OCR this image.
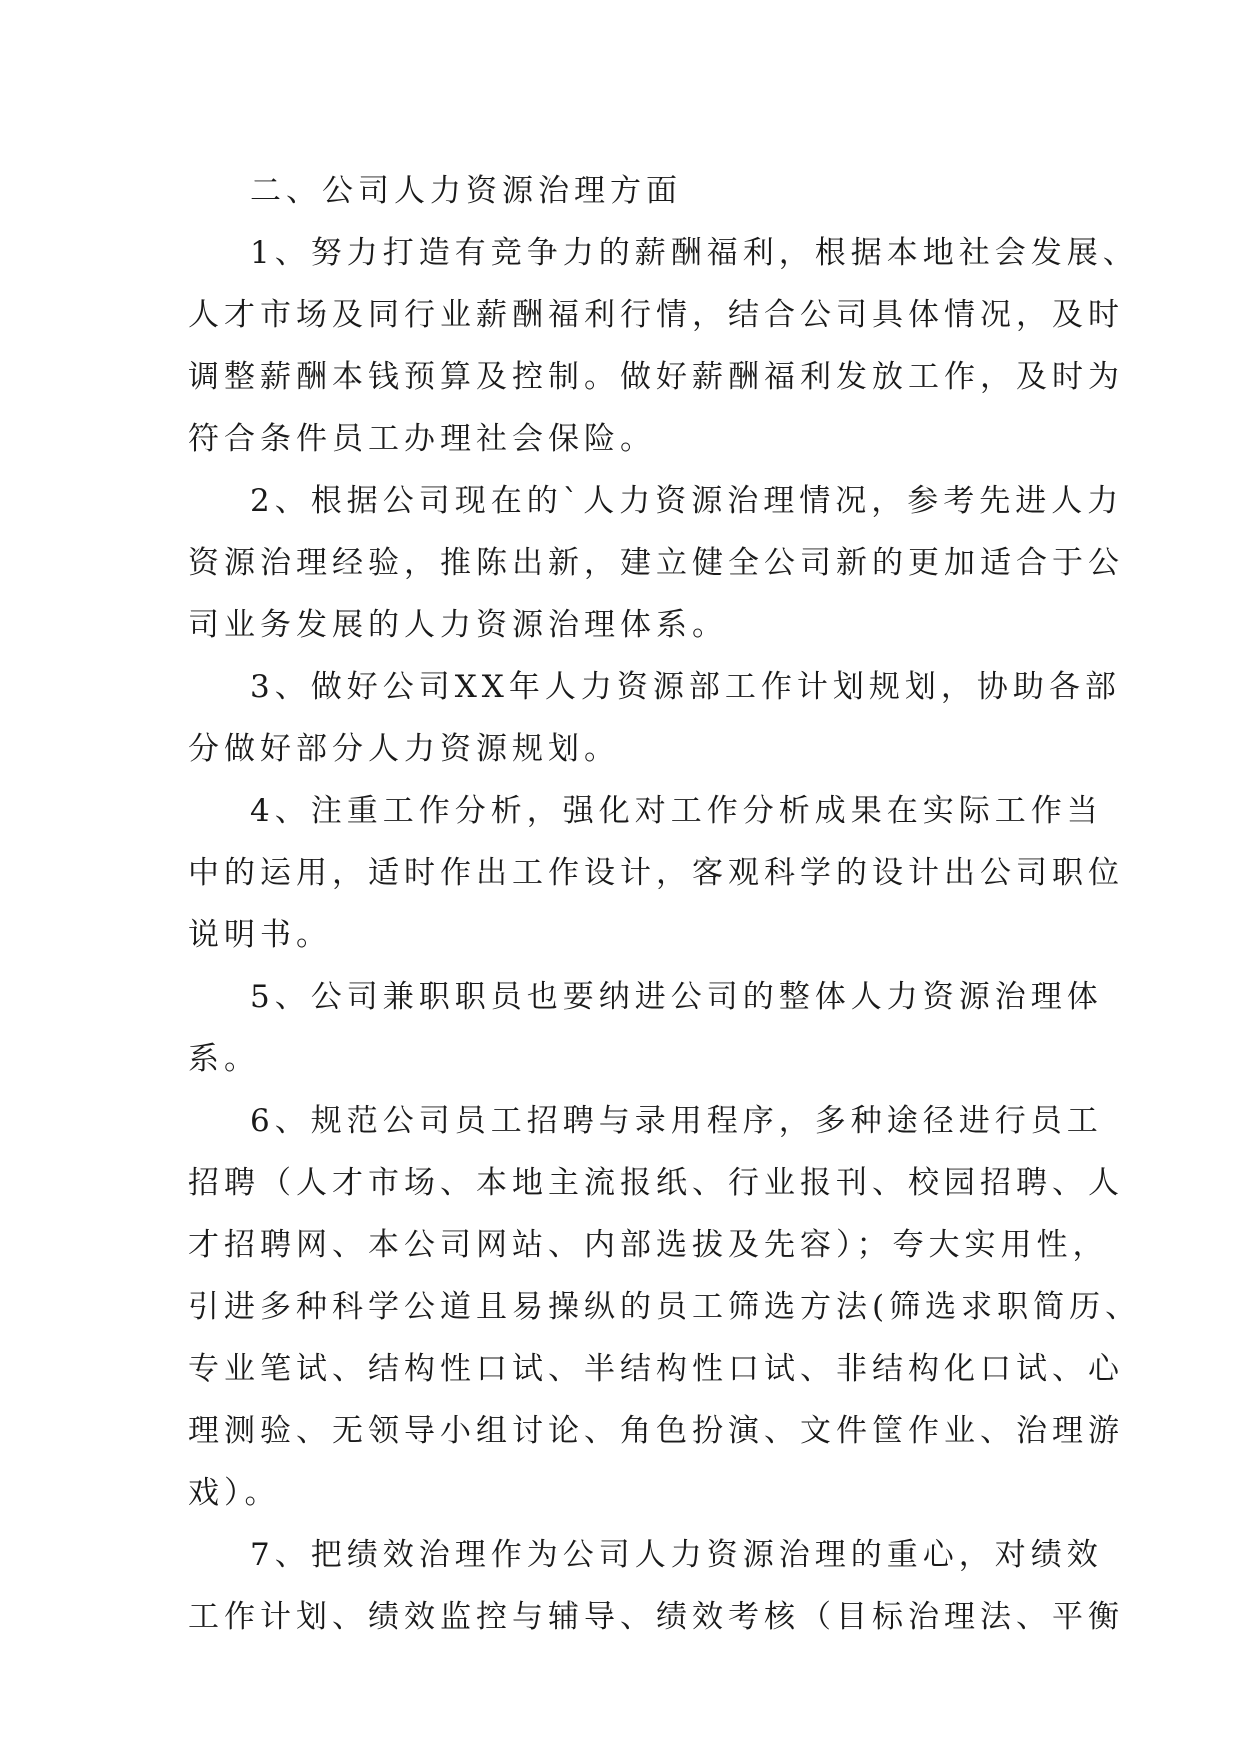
二、公司人力资源治理方面
1、努力打造有竞争力的薪酬福利，根据本地社会发展、
人才市场及同行业薪酬福利行情，结合公司具体情况，及时
调整薪酬本钱预算及控制。做好薪酬福利发放工作，及时为
符合条件员工办理社会保险。
2、根据公司现在的`人力资源治理情况，参考先进人力
资源治理经验，推陈出新，建立健全公司新的更加适合于公
司业务发展的人力资源治理体系。
3、做好公司XX年人力资源部工作计划规划，协助各部
分做好部分人力资源规划。
4、注重工作分析，强化对工作分析成果在实际工作当
中的运用，适时作出工作设计，客观科学的设计出公司职位
说明书。
5、公司兼职职员也要纳进公司的整体人力资源治理体
系。
6、规范公司员工招聘与录用程序，多种途径进行员工
招聘（人才市场、本地主流报纸、行业报刊、校园招聘、人
才招聘网、本公司网站、内部选拔及先容）；夸大实用性，
引进多种科学公道且易操纵的员工筛选方法(筛选求职简历、
专业笔试、结构性口试、半结构性口试、非结构化口试、心
理测验、无领导小组讨论、角色扮演、文件筐作业、治理游
戏）。
7、把绩效治理作为公司人力资源治理的重心，对绩效
工作计划、绩效监控与辅导、绩效考核（目标治理法、平衡
